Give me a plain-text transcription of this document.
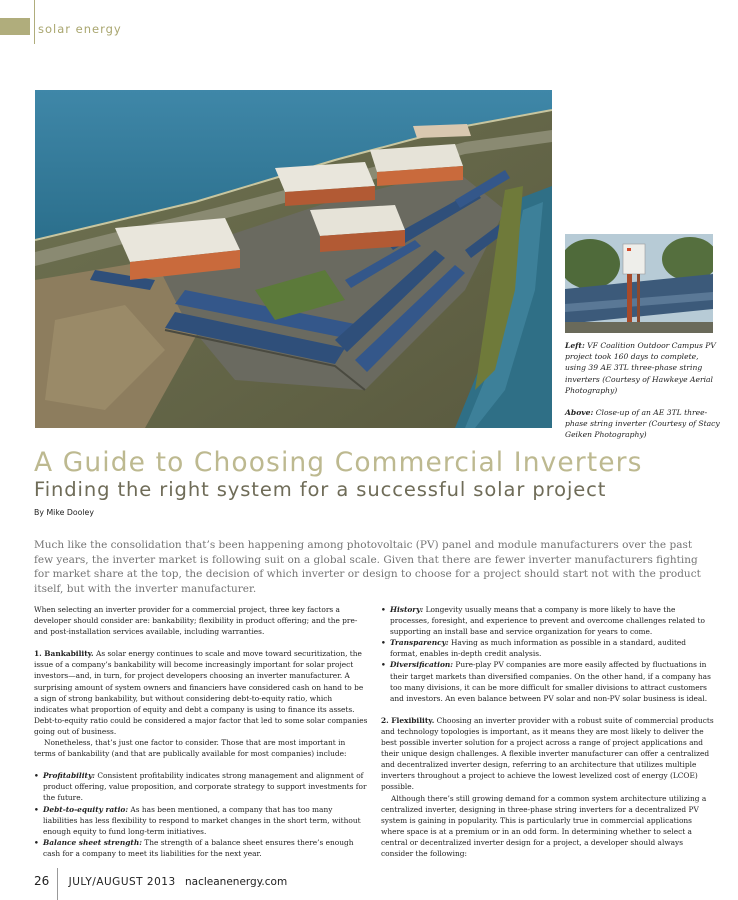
solar energy

Left: VF Coalition Outdoor Campus PV project took 160 days to complete, using 39 AE 3TL three-phase string inverters (Courtesy of Hawkeye Aerial Photography)

Above: Close-up of an AE 3TL three-phase string inverter (Courtesy of Stacy Geiken Photography)

A Guide to Choosing Commercial Inverters
Finding the right system for a successful solar project
By Mike Dooley
Much like the consolidation that’s been happening among photovoltaic (PV) panel and module manufacturers over the past few years, the inverter market is following suit on a global scale. Given that there are fewer inverter manufacturers fighting for market share at the top, the decision of which inverter or design to choose for a project should start not with the product itself, but with the inverter manufacturer.

When selecting an inverter provider for a commercial project, three key factors a developer should consider are: bankability; flexibility in product offering; and the pre- and post-installation services available, including warranties.

1. Bankability. As solar energy continues to scale and move toward securitization, the issue of a company’s bankability will become increasingly important for solar project investors—and, in turn, for project developers choosing an inverter manufacturer. A surprising amount of system owners and financiers have considered cash on hand to be a sign of strong bankability, but without considering debt-to-equity ratio, which indicates what proportion of equity and debt a company is using to finance its assets. Debt-to-equity ratio could be considered a major factor that led to some solar companies going out of business.

Nonetheless, that’s just one factor to consider. Those that are most important in terms of bankability (and that are publically available for most companies) include:

• Profitability: Consistent profitability indicates strong management and alignment of product offering, value proposition, and corporate strategy to support investments for the future.

• Debt-to-equity ratio: As has been mentioned, a company that has too many liabilities has less flexibility to respond to market changes in the short term, without enough equity to fund long-term initiatives.

• Balance sheet strength: The strength of a balance sheet ensures there’s enough cash for a company to meet its liabilities for the next year.

• History: Longevity usually means that a company is more likely to have the processes, foresight, and experience to prevent and overcome challenges related to supporting an install base and service organization for years to come.

• Transparency: Having as much information as possible in a standard, audited format, enables in-depth credit analysis.

• Diversification: Pure-play PV companies are more easily affected by fluctuations in their target markets than diversified companies. On the other hand, if a company has too many divisions, it can be more difficult for smaller divisions to attract customers and investors. An even balance between PV solar and non-PV solar business is ideal.

2. Flexibility. Choosing an inverter provider with a robust suite of commercial products and technology topologies is important, as it means they are most likely to deliver the best possible inverter solution for a project across a range of project applications and their unique design challenges. A flexible inverter manufacturer can offer a centralized and decentralized inverter design, referring to an architecture that utilizes multiple inverters throughout a project to achieve the lowest levelized cost of energy (LCOE) possible.

Although there’s still growing demand for a common system architecture utilizing a centralized inverter, designing in three-phase string inverters for a decentralized PV system is gaining in popularity. This is particularly true in commercial applications where space is at a premium or in an odd form. In determining whether to select a central or decentralized inverter design for a project, a developer should always consider the following:

26 JULY/AUGUST 2013 nacleanenergy.com
